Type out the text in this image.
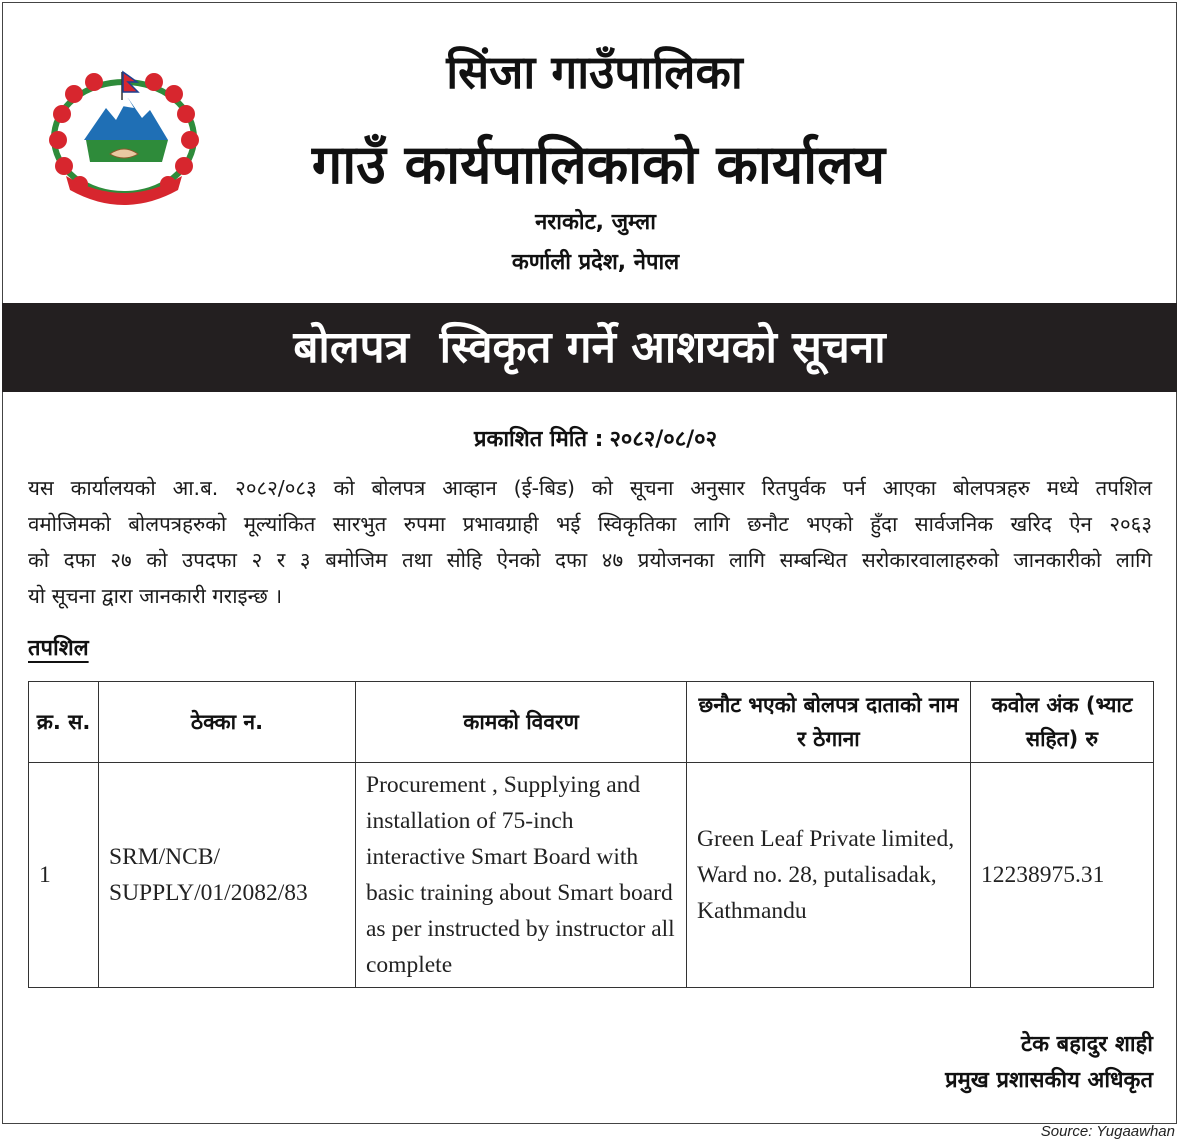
सिंजा गाउँपालिका
गाउँ कार्यपालिकाको कार्यालय
नराकोट, जुम्ला
कर्णाली प्रदेश, नेपाल
बोलपत्र  स्विकृत गर्ने आशयको सूचना
प्रकाशित मिति : २०८२/०८/०२
यस कार्यालयको आ.ब. २०८२/०८३ को बोलपत्र आव्हान (ई-बिड) को सूचना अनुसार रितपुर्वक पर्न आएका बोलपत्रहरु मध्ये तपशिल
वमोजिमको बोलपत्रहरुको मूल्यांकित सारभुत रुपमा प्रभावग्राही भई स्विकृतिका लागि छनौट भएको हुँदा सार्वजनिक खरिद ऐन २०६३
को दफा २७ को उपदफा २ र ३ बमोजिम तथा सोहि ऐनको दफा ४७ प्रयोजनका लागि सम्बन्धित सरोकारवालाहरुको जानकारीको लागि
यो सूचना द्वारा जानकारी गराइन्छ ।
तपशिल
क्र. स.	ठेक्का न.	कामको विवरण	छनौट भएको बोलपत्र दाताको नाम र ठेगाना	कवोल अंक (भ्याट सहित) रु
1	SRM/NCB/ SUPPLY/01/2082/83	Procurement , Supplying and installation of 75-inch interactive Smart Board with basic training about Smart board as per instructed by instructor all complete	Green Leaf Private limited, Ward no. 28, putalisadak, Kathmandu	12238975.31
टेक बहादुर शाही
प्रमुख प्रशासकीय अधिकृत
Source: Yugaawhan
